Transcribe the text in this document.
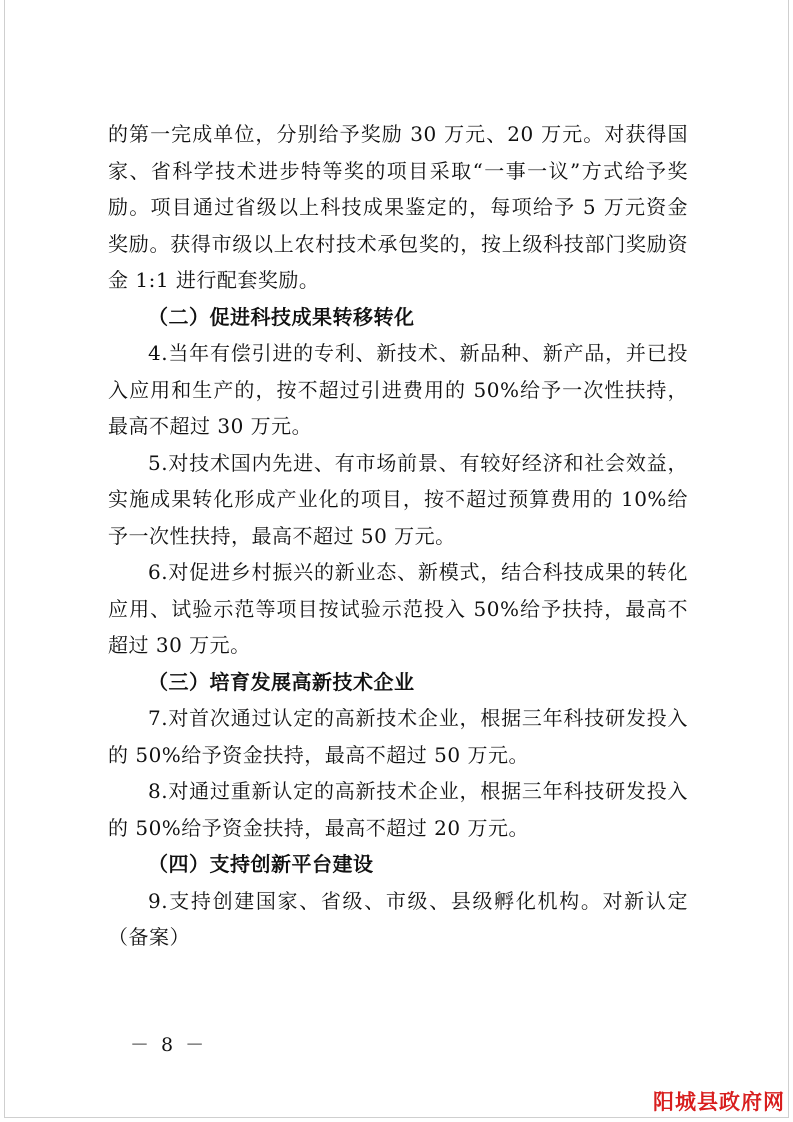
的第一完成单位，分别给予奖励 30 万元、20 万元。对获得国家、省科学技术进步特等奖的项目采取“一事一议”方式给予奖励。项目通过省级以上科技成果鉴定的，每项给予 5 万元资金奖励。获得市级以上农村技术承包奖的，按上级科技部门奖励资金 1:1 进行配套奖励。

（二）促进科技成果转移转化

4.当年有偿引进的专利、新技术、新品种、新产品，并已投入应用和生产的，按不超过引进费用的 50%给予一次性扶持，最高不超过 30 万元。

5.对技术国内先进、有市场前景、有较好经济和社会效益，实施成果转化形成产业化的项目，按不超过预算费用的 10%给予一次性扶持，最高不超过 50 万元。

6.对促进乡村振兴的新业态、新模式，结合科技成果的转化应用、试验示范等项目按试验示范投入 50%给予扶持，最高不超过 30 万元。

（三）培育发展高新技术企业

7.对首次通过认定的高新技术企业，根据三年科技研发投入的 50%给予资金扶持，最高不超过 50 万元。

8.对通过重新认定的高新技术企业，根据三年科技研发投入的 50%给予资金扶持，最高不超过 20 万元。

（四）支持创新平台建设

9.支持创建国家、省级、市级、县级孵化机构。对新认定（备案）

－ 8 －
阳城县政府网
